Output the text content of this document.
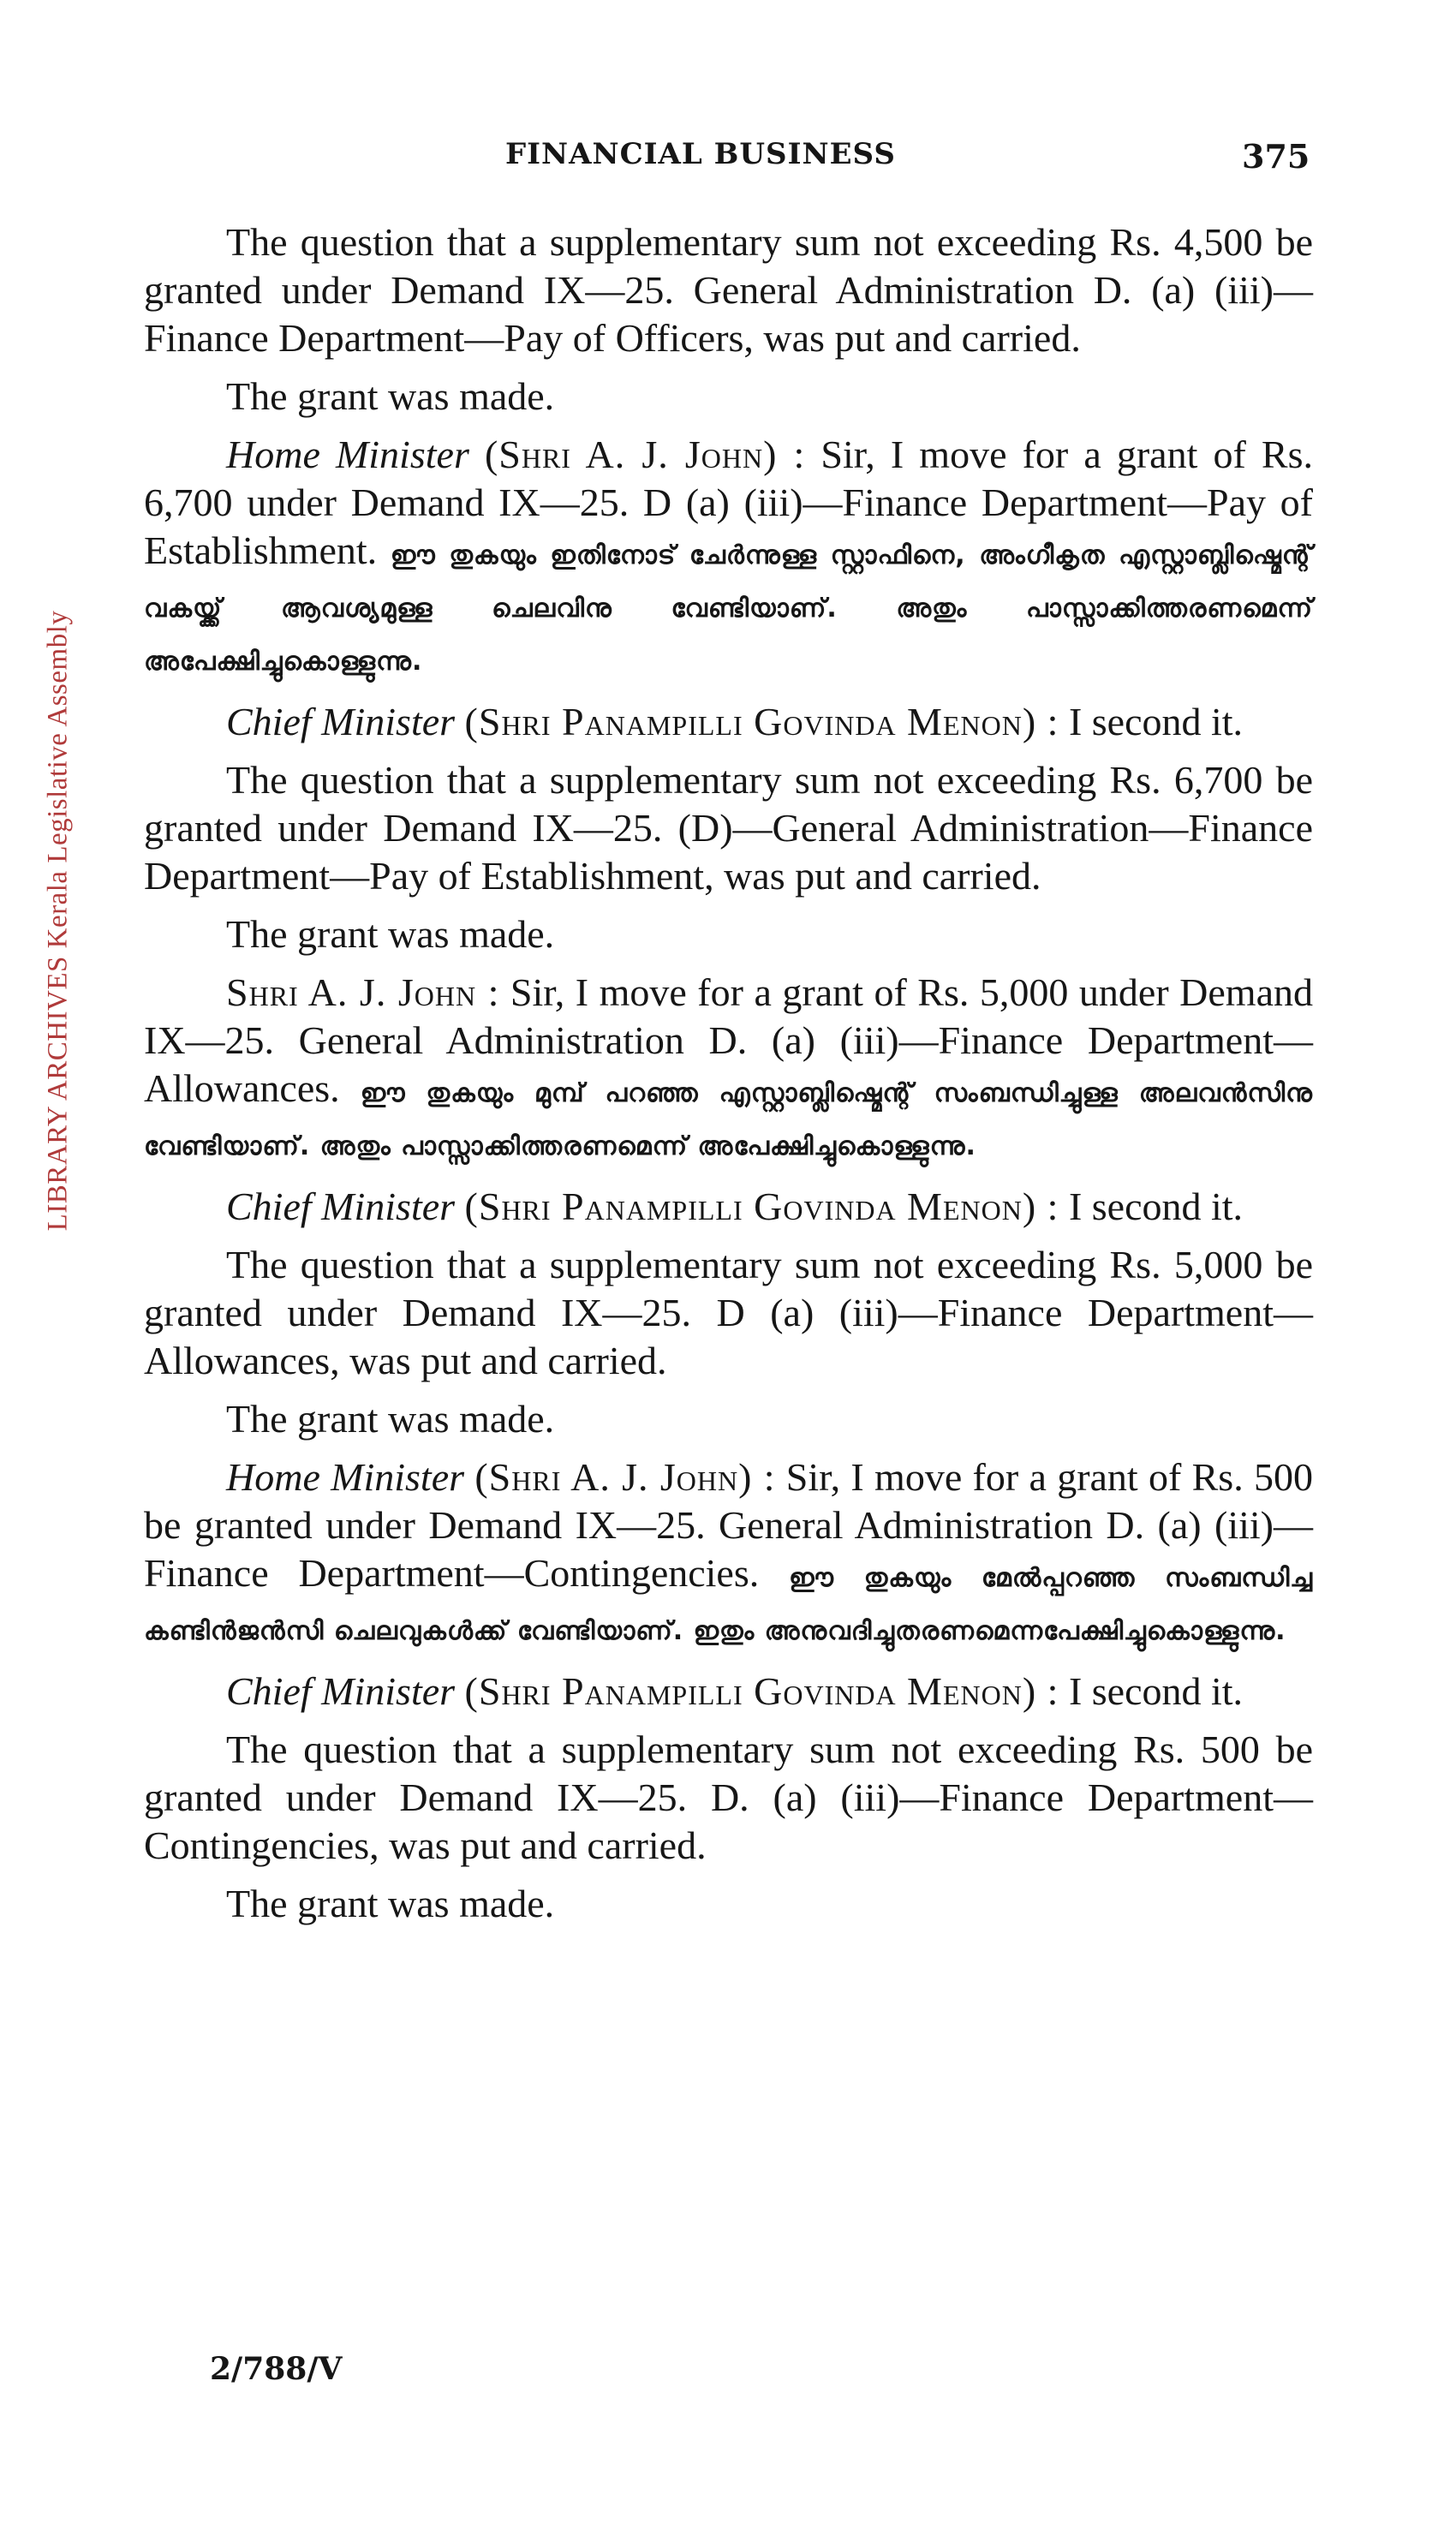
FINANCIAL BUSINESS	375
LIBRARY ARCHIVES Kerala Legislative Assembly

The question that a supplementary sum not exceeding Rs. 4,500 be granted under Demand IX—25. General Administration D. (a) (iii)—Finance Department—Pay of Officers, was put and carried.

The grant was made.

Home Minister (Shri A. J. John) : Sir, I move for a grant of Rs. 6,700 under Demand IX—25. D (a) (iii)—Finance Department—Pay of Establishment. ഈ തുകയും ഇതിനോട് ചേർന്നുള്ള സ്റ്റാഫിനെ, അംഗീകൃത എസ്റ്റാബ്ലിഷ്മെന്റ് വകയ്ക്ക് ആവശ്യമുള്ള ചെലവിനു വേണ്ടിയാണ്. അതും പാസ്സാക്കിത്തരണമെന്ന് അപേക്ഷിച്ചുകൊള്ളുന്നു.

Chief Minister (Shri Panampilli Govinda Menon) : I second it.

The question that a supplementary sum not exceeding Rs. 6,700 be granted under Demand IX—25. (D)—General Administration—Finance Department—Pay of Establishment, was put and carried.

The grant was made.

Shri A. J. John : Sir, I move for a grant of Rs. 5,000 under Demand IX—25. General Administration D. (a) (iii)—Finance Department—Allowances. ഈ തുകയും മുമ്പ് പറഞ്ഞ എസ്റ്റാബ്ലിഷ്മെന്റ് സംബന്ധിച്ചുള്ള അലവൻസിനു വേണ്ടിയാണ്. അതും പാസ്സാക്കിത്തരണമെന്ന് അപേക്ഷിച്ചുകൊള്ളുന്നു.

Chief Minister (Shri Panampilli Govinda Menon) : I second it.

The question that a supplementary sum not exceeding Rs. 5,000 be granted under Demand IX—25. D (a) (iii)—Finance Department—Allowances, was put and carried.

The grant was made.

Home Minister (Shri A. J. John) : Sir, I move for a grant of Rs. 500 be granted under Demand IX—25. General Administration D. (a) (iii)—Finance Department—Contingencies. ഈ തുകയും മേൽപ്പറഞ്ഞ സംബന്ധിച്ച കണ്ടിൻജൻസി ചെലവുകൾക്ക് വേണ്ടിയാണ്. ഇതും അനുവദിച്ചുതരണമെന്നപേക്ഷിച്ചുകൊള്ളുന്നു.

Chief Minister (Shri Panampilli Govinda Menon) : I second it.

The question that a supplementary sum not exceeding Rs. 500 be granted under Demand IX—25. D. (a) (iii)—Finance Department—Contingencies, was put and carried.

The grant was made.

2/788/V
